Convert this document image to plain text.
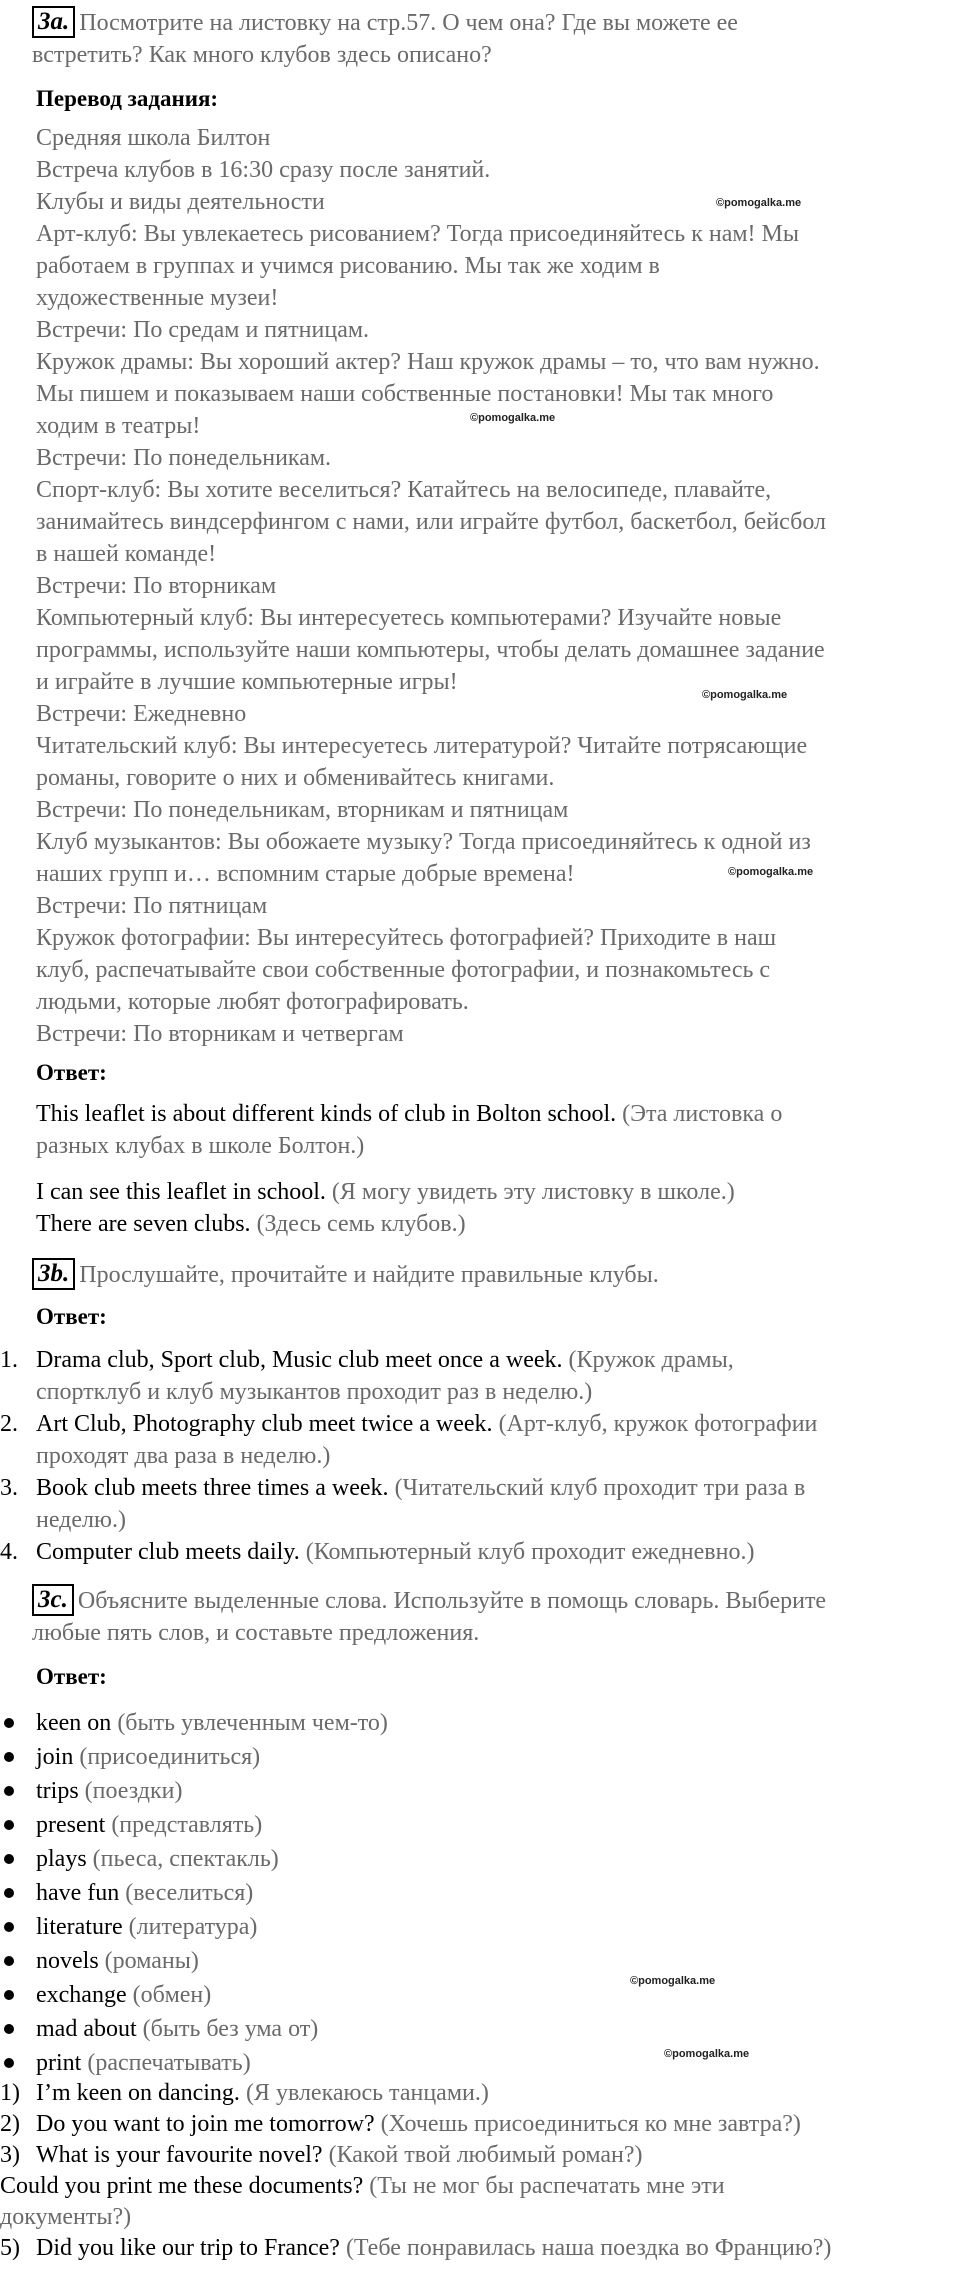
3a. Посмотрите на листовку на стр.57. О чем она? Где вы можете ее
встретить? Как много клубов здесь описано?
Перевод задания:
Средняя школа Билтон
Встреча клубов в 16:30 сразу после занятий.
Клубы и виды деятельности
Арт-клуб: Вы увлекаетесь рисованием? Тогда присоединяйтесь к нам! Мы
работаем в группах и учимся рисованию. Мы так же ходим в
художественные музеи!
Встречи: По средам и пятницам.
Кружок драмы: Вы хороший актер? Наш кружок драмы – то, что вам нужно.
Мы пишем и показываем наши собственные постановки! Мы так много
ходим в театры!
Встречи: По понедельникам.
Спорт-клуб: Вы хотите веселиться? Катайтесь на велосипеде, плавайте,
занимайтесь виндсерфингом с нами, или играйте футбол, баскетбол, бейсбол
в нашей команде!
Встречи: По вторникам
Компьютерный клуб: Вы интересуетесь компьютерами? Изучайте новые
программы, используйте наши компьютеры, чтобы делать домашнее задание
и играйте в лучшие компьютерные игры!
Встречи: Ежедневно
Читательский клуб: Вы интересуетесь литературой? Читайте потрясающие
романы, говорите о них и обменивайтесь книгами.
Встречи: По понедельникам, вторникам и пятницам
Клуб музыкантов: Вы обожаете музыку? Тогда присоединяйтесь к одной из
наших групп и… вспомним старые добрые времена!
Встречи: По пятницам
Кружок фотографии: Вы интересуйтесь фотографией? Приходите в наш
клуб, распечатывайте свои собственные фотографии, и познакомьтесь с
людьми, которые любят фотографировать.
Встречи: По вторникам и четвергам
Ответ:
This leaflet is about different kinds of club in Bolton school. (Эта листовка о
разных клубах в школе Болтон.)
I can see this leaflet in school. (Я могу увидеть эту листовку в школе.)
There are seven clubs. (Здесь семь клубов.)
3b. Прослушайте, прочитайте и найдите правильные клубы.
Ответ:
1. Drama club, Sport club, Music club meet once a week. (Кружок драмы,
спортклуб и клуб музыкантов проходит раз в неделю.)
2. Art Club, Photography club meet twice a week. (Арт-клуб, кружок фотографии
проходят два раза в неделю.)
3. Book club meets three times a week. (Читательский клуб проходит три раза в
неделю.)
4. Computer club meets daily. (Компьютерный клуб проходит ежедневно.)
3c. Объясните выделенные слова. Используйте в помощь словарь. Выберите
любые пять слов, и составьте предложения.
Ответ:
keen on (быть увлеченным чем-то)
join (присоединиться)
trips (поездки)
present (представлять)
plays (пьеса, спектакль)
have fun (веселиться)
literature (литература)
novels (романы)
exchange (обмен)
mad about (быть без ума от)
print (распечатывать)
1) I’m keen on dancing. (Я увлекаюсь танцами.)
2) Do you want to join me tomorrow? (Хочешь присоединиться ко мне завтра?)
3) What is your favourite novel? (Какой твой любимый роман?)
Could you print me these documents? (Ты не мог бы распечатать мне эти
документы?)
5) Did you like our trip to France? (Тебе понравилась наша поездка во Францию?)
©pomogalka.me
©pomogalka.me
©pomogalka.me
©pomogalka.me
©pomogalka.me
©pomogalka.me
